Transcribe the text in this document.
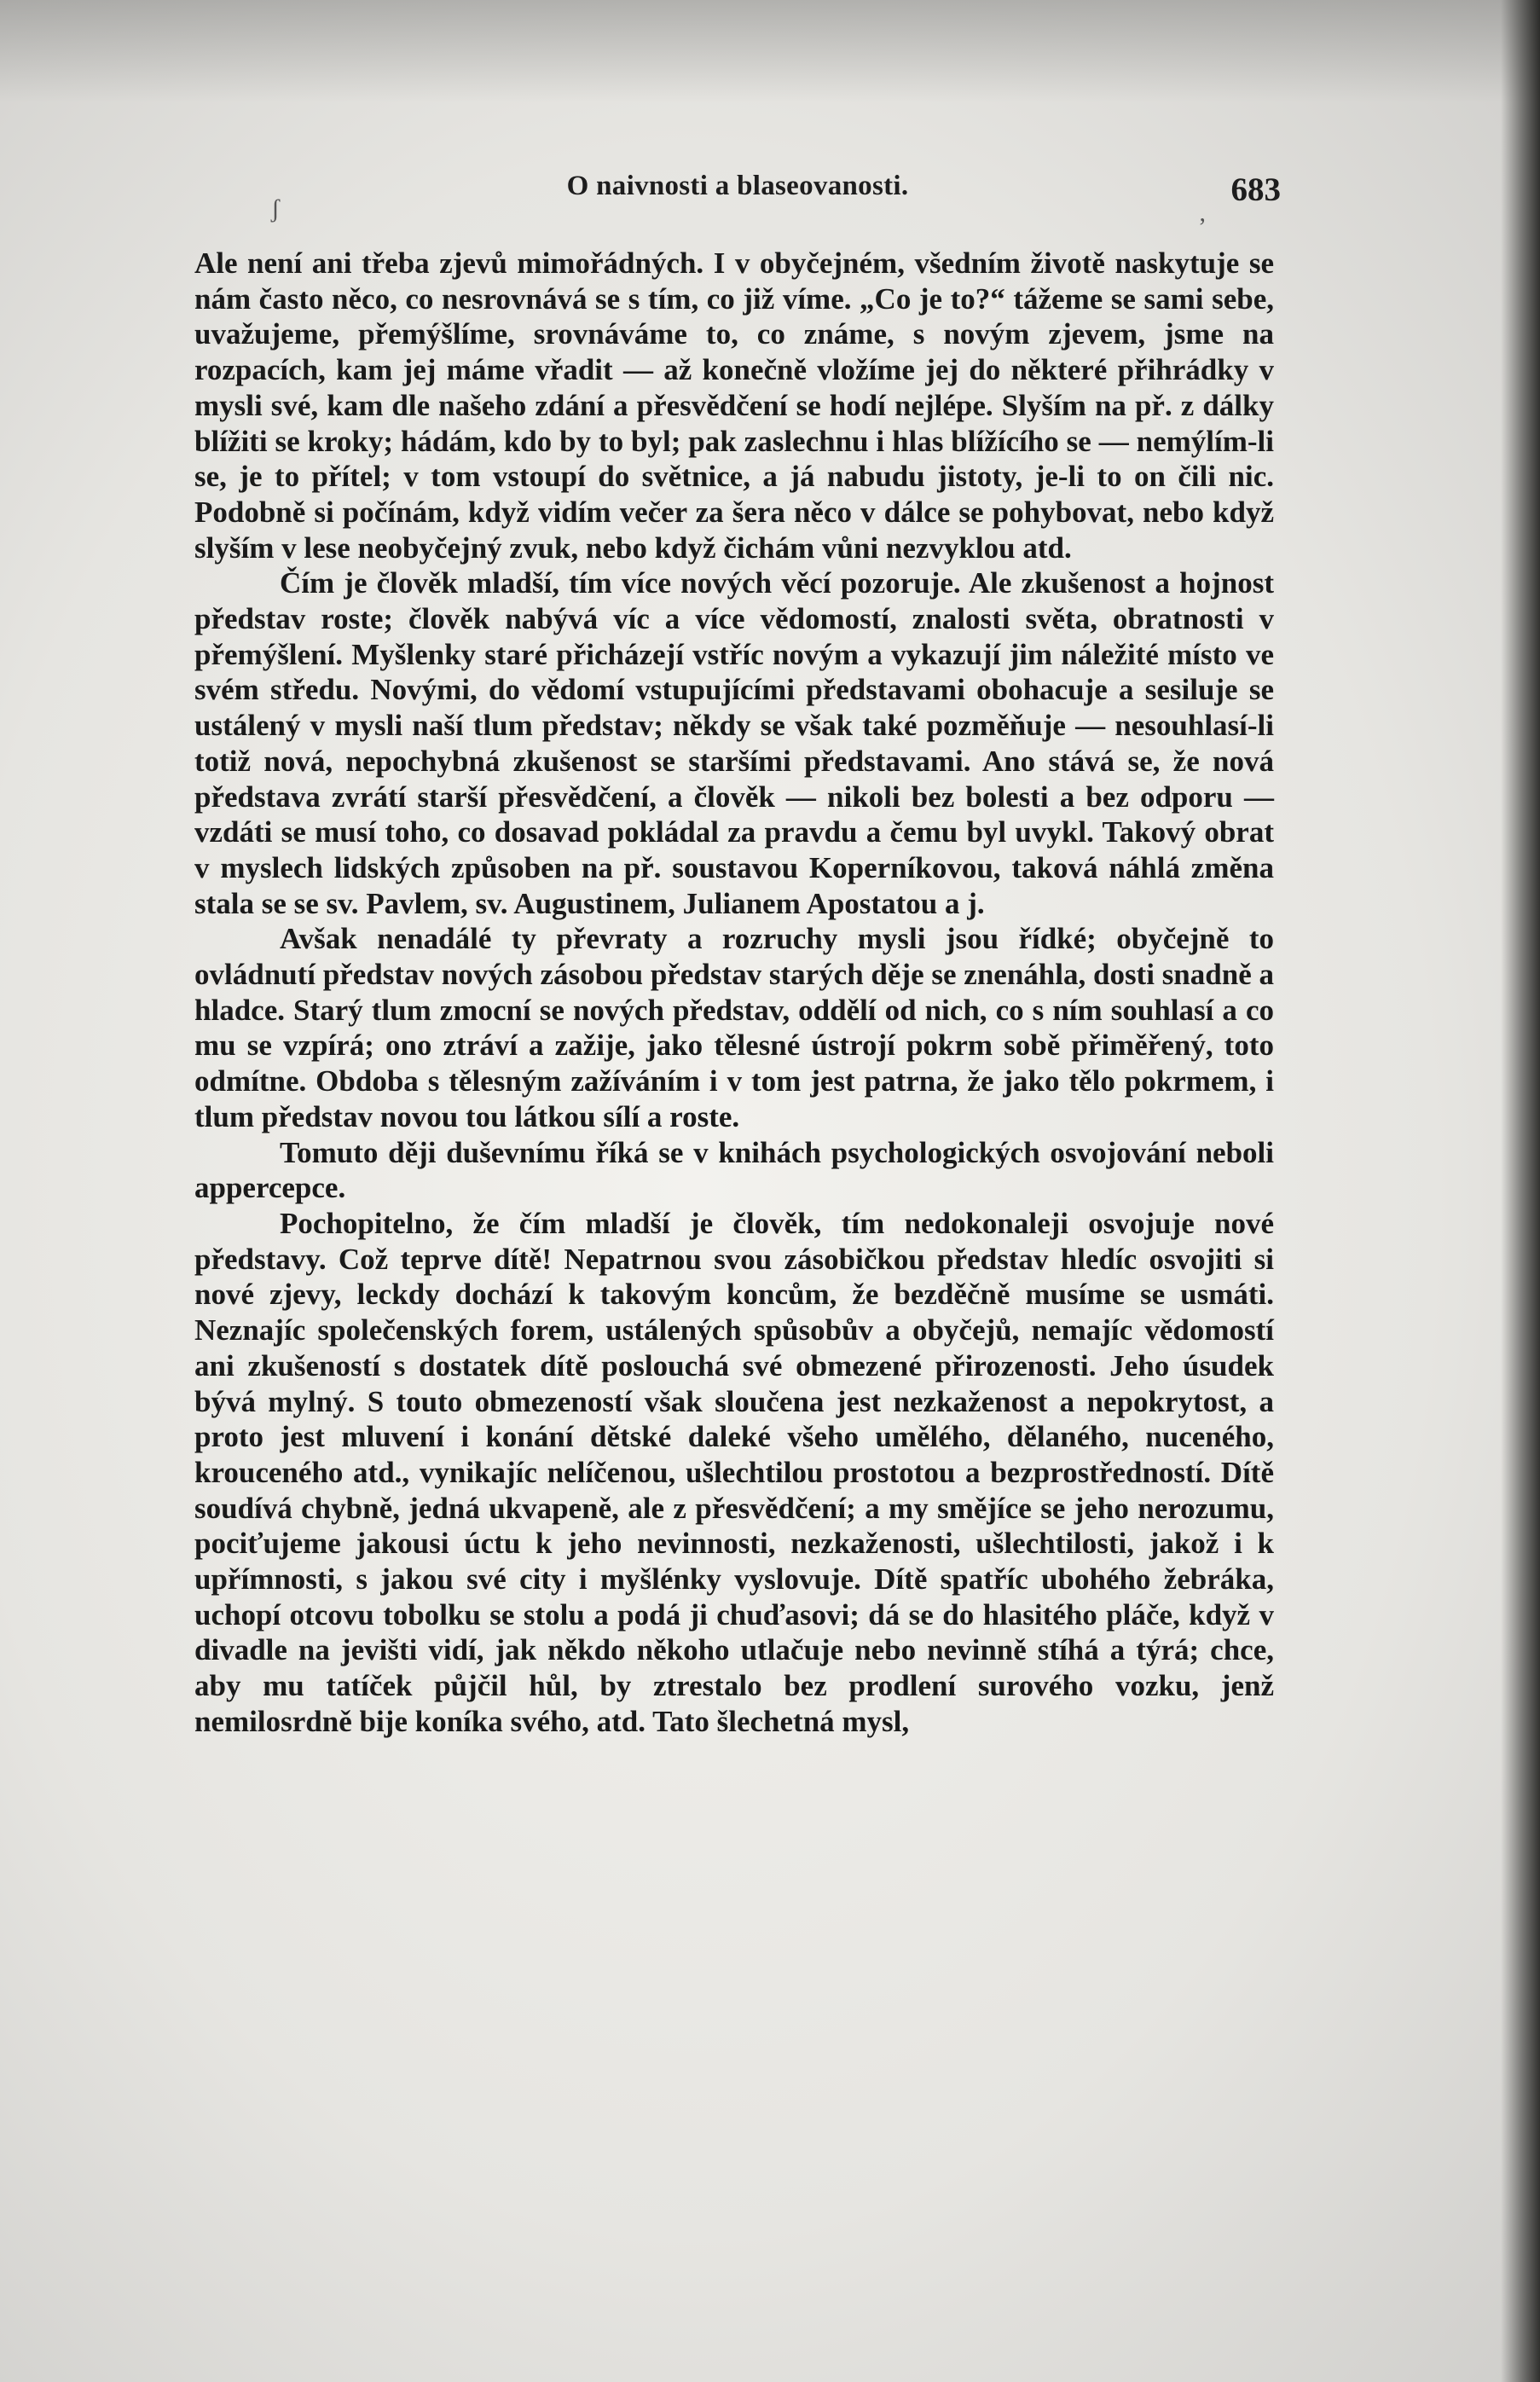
ʃ
ʼ
O naivnosti a blaseovanosti.	683

Ale není ani třeba zjevů mimořádných. I v obyčejném, všedním životě naskytuje se nám často něco, co nesrovnává se s tím, co již víme. „Co je to?“ tážeme se sami sebe, uvažujeme, přemýšlíme, srovnáváme to, co známe, s novým zjevem, jsme na rozpacích, kam jej máme vřadit — až konečně vložíme jej do některé přihrádky v mysli své, kam dle našeho zdání a přesvědčení se hodí nejlépe. Slyším na př. z dálky blížiti se kroky; hádám, kdo by to byl; pak zaslechnu i hlas blížícího se — nemýlím-li se, je to přítel; v tom vstoupí do světnice, a já nabudu jistoty, je-li to on čili nic. Podobně si počínám, když vidím večer za šera něco v dálce se pohybovat, nebo když slyším v lese neobyčejný zvuk, nebo když čichám vůni nezvyklou atd.

Čím je člověk mladší, tím více nových věcí pozoruje. Ale zkušenost a hojnost představ roste; člověk nabývá víc a více vědomostí, znalosti světa, obratnosti v přemýšlení. Myšlenky staré přicházejí vstříc novým a vykazují jim náležité místo ve svém středu. Novými, do vědomí vstupujícími představami obohacuje a sesiluje se ustálený v mysli naší tlum představ; někdy se však také pozměňuje — nesouhlasí-li totiž nová, nepochybná zkušenost se staršími představami. Ano stává se, že nová představa zvrátí starší přesvědčení, a člověk — nikoli bez bolesti a bez odporu — vzdáti se musí toho, co dosavad pokládal za pravdu a čemu byl uvykl. Takový obrat v myslech lidských způsoben na př. soustavou Koperníkovou, taková náhlá změna stala se se sv. Pavlem, sv. Augustinem, Julianem Apostatou a j.

Avšak nenadálé ty převraty a rozruchy mysli jsou řídké; obyčejně to ovládnutí představ nových zásobou představ starých děje se znenáhla, dosti snadně a hladce. Starý tlum zmocní se nových představ, oddělí od nich, co s ním souhlasí a co mu se vzpírá; ono ztráví a zažije, jako tělesné ústrojí pokrm sobě přiměřený, toto odmítne. Obdoba s tělesným zažíváním i v tom jest patrna, že jako tělo pokrmem, i tlum představ novou tou látkou sílí a roste.

Tomuto ději duševnímu říká se v knihách psychologických osvojování neboli appercepce.

Pochopitelno, že čím mladší je člověk, tím nedokonaleji osvojuje nové představy. Což teprve dítě! Nepatrnou svou zásobičkou představ hledíc osvojiti si nové zjevy, leckdy dochází k takovým koncům, že bezděčně musíme se usmáti. Neznajíc společenských forem, ustálených spůsobův a obyčejů, nemajíc vědomostí ani zkušeností s dostatek dítě poslouchá své obmezené přirozenosti. Jeho úsudek bývá mylný. S touto obmezeností však sloučena jest nezkaženost a nepokrytost, a proto jest mluvení i konání dětské daleké všeho umělého, dělaného, nuceného, krouceného atd., vynikajíc nelíčenou, ušlechtilou prostotou a bezprostředností. Dítě soudívá chybně, jedná ukvapeně, ale z přesvědčení; a my smějíce se jeho nerozumu, pociťujeme jakousi úctu k jeho nevinnosti, nezkaženosti, ušlechtilosti, jakož i k upřímnosti, s jakou své city i myšlénky vyslovuje. Dítě spatříc ubohého žebráka, uchopí otcovu tobolku se stolu a podá ji chuďasovi; dá se do hlasitého pláče, když v divadle na jevišti vidí, jak někdo někoho utlačuje nebo nevinně stíhá a týrá; chce, aby mu tatíček půjčil hůl, by ztrestalo bez prodlení surového vozku, jenž nemilosrdně bije koníka svého, atd. Tato šlechetná mysl,
